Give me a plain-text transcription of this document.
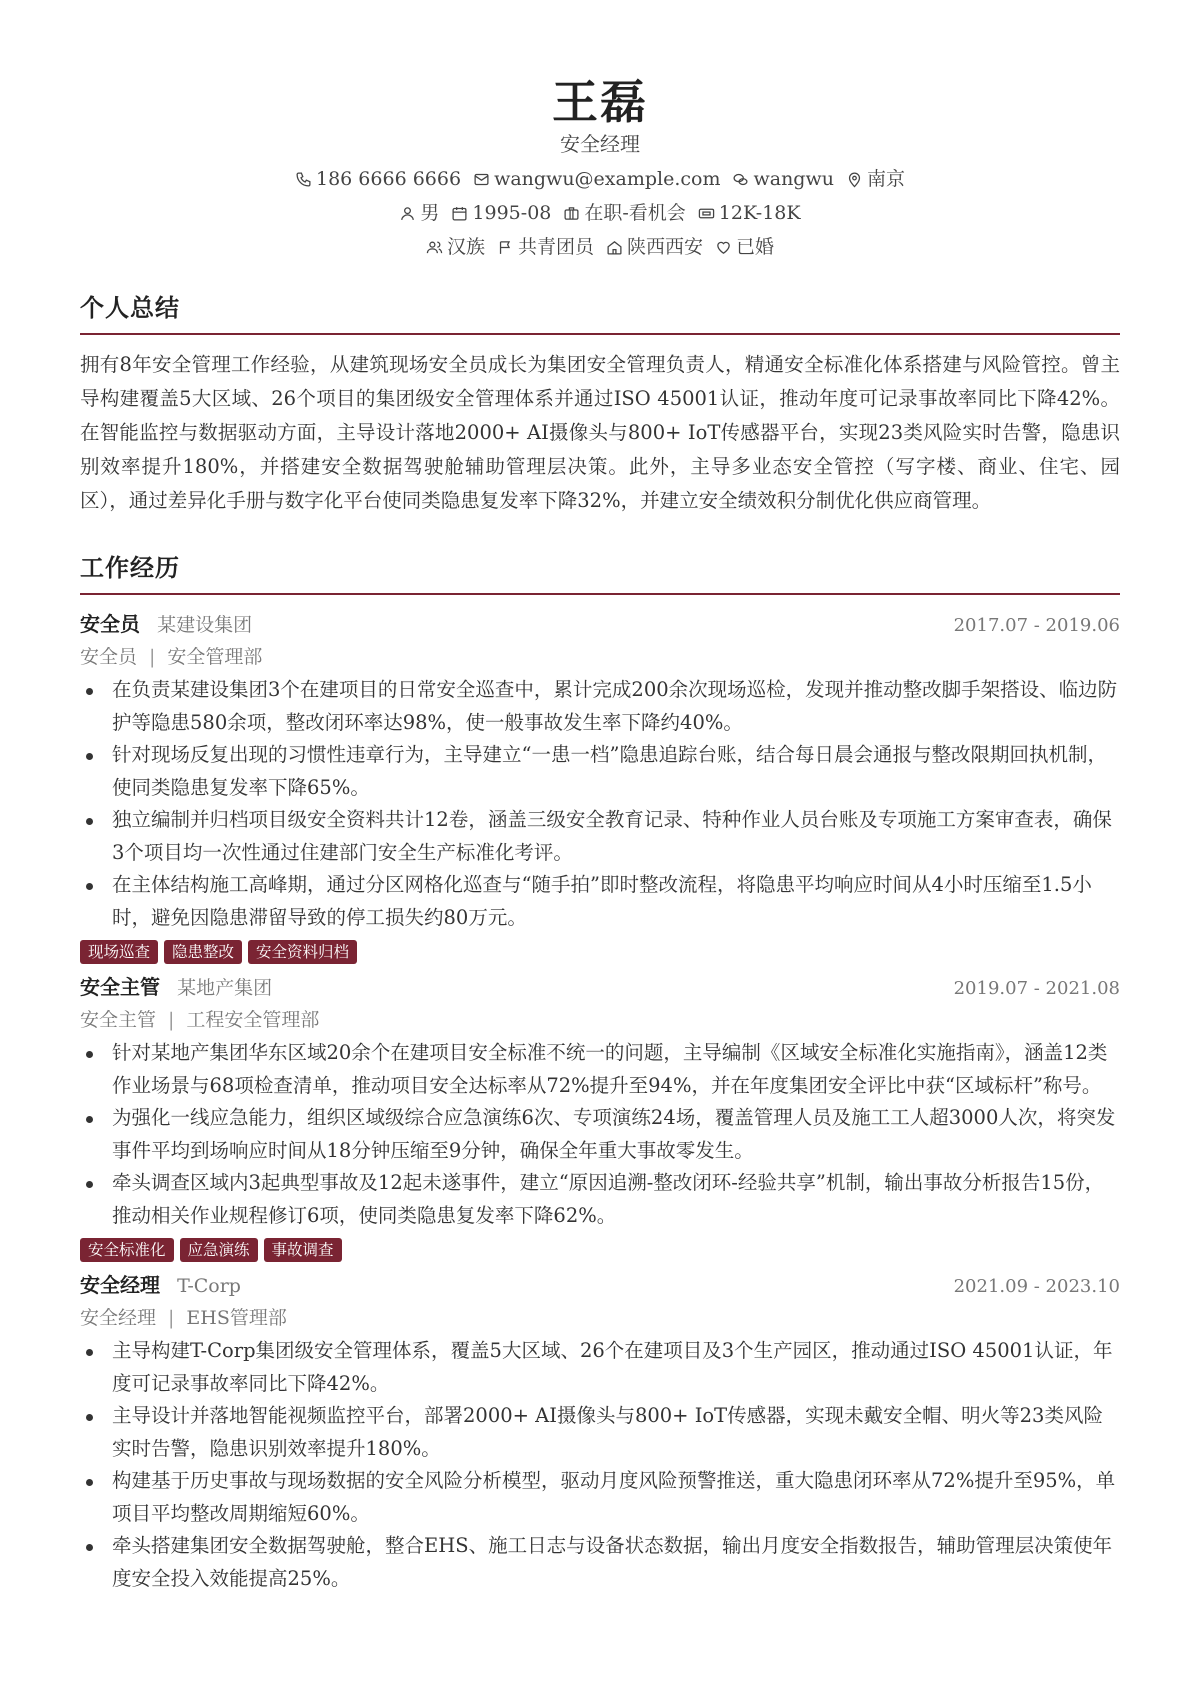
王磊
安全经理
186 6666 6666 wangwu@example.com wangwu 南京
男 1995-08 在职-看机会 12K-18K
汉族 共青团员 陕西西安 已婚
个人总结
拥有8年安全管理工作经验，从建筑现场安全员成长为集团安全管理负责人，精通安全标准化体系搭建与风险管控。曾主导构建覆盖5大区域、26个项目的集团级安全管理体系并通过ISO 45001认证，推动年度可记录事故率同比下降42%。在智能监控与数据驱动方面，主导设计落地2000+ AI摄像头与800+ IoT传感器平台，实现23类风险实时告警，隐患识别效率提升180%，并搭建安全数据驾驶舱辅助管理层决策。此外，主导多业态安全管控（写字楼、商业、住宅、园区），通过差异化手册与数字化平台使同类隐患复发率下降32%，并建立安全绩效积分制优化供应商管理。
工作经历
安全员 某建设集团	2017.07 - 2019.06
安全员 | 安全管理部
在负责某建设集团3个在建项目的日常安全巡查中，累计完成200余次现场巡检，发现并推动整改脚手架搭设、临边防护等隐患580余项，整改闭环率达98%，使一般事故发生率下降约40%。
针对现场反复出现的习惯性违章行为，主导建立“一患一档”隐患追踪台账，结合每日晨会通报与整改限期回执机制，使同类隐患复发率下降65%。
独立编制并归档项目级安全资料共计12卷，涵盖三级安全教育记录、特种作业人员台账及专项施工方案审查表，确保3个项目均一次性通过住建部门安全生产标准化考评。
在主体结构施工高峰期，通过分区网格化巡查与“随手拍”即时整改流程，将隐患平均响应时间从4小时压缩至1.5小时，避免因隐患滞留导致的停工损失约80万元。
现场巡查	隐患整改	安全资料归档
安全主管 某地产集团	2019.07 - 2021.08
安全主管 | 工程安全管理部
针对某地产集团华东区域20余个在建项目安全标准不统一的问题，主导编制《区域安全标准化实施指南》，涵盖12类作业场景与68项检查清单，推动项目安全达标率从72%提升至94%，并在年度集团安全评比中获“区域标杆”称号。
为强化一线应急能力，组织区域级综合应急演练6次、专项演练24场，覆盖管理人员及施工工人超3000人次，将突发事件平均到场响应时间从18分钟压缩至9分钟，确保全年重大事故零发生。
牵头调查区域内3起典型事故及12起未遂事件，建立“原因追溯-整改闭环-经验共享”机制，输出事故分析报告15份，推动相关作业规程修订6项，使同类隐患复发率下降62%。
安全标准化	应急演练	事故调查
安全经理 T-Corp	2021.09 - 2023.10
安全经理 | EHS管理部
主导构建T-Corp集团级安全管理体系，覆盖5大区域、26个在建项目及3个生产园区，推动通过ISO 45001认证，年度可记录事故率同比下降42%。
主导设计并落地智能视频监控平台，部署2000+ AI摄像头与800+ IoT传感器，实现未戴安全帽、明火等23类风险实时告警，隐患识别效率提升180%。
构建基于历史事故与现场数据的安全风险分析模型，驱动月度风险预警推送，重大隐患闭环率从72%提升至95%，单项目平均整改周期缩短60%。
牵头搭建集团安全数据驾驶舱，整合EHS、施工日志与设备状态数据，输出月度安全指数报告，辅助管理层决策使年度安全投入效能提高25%。
